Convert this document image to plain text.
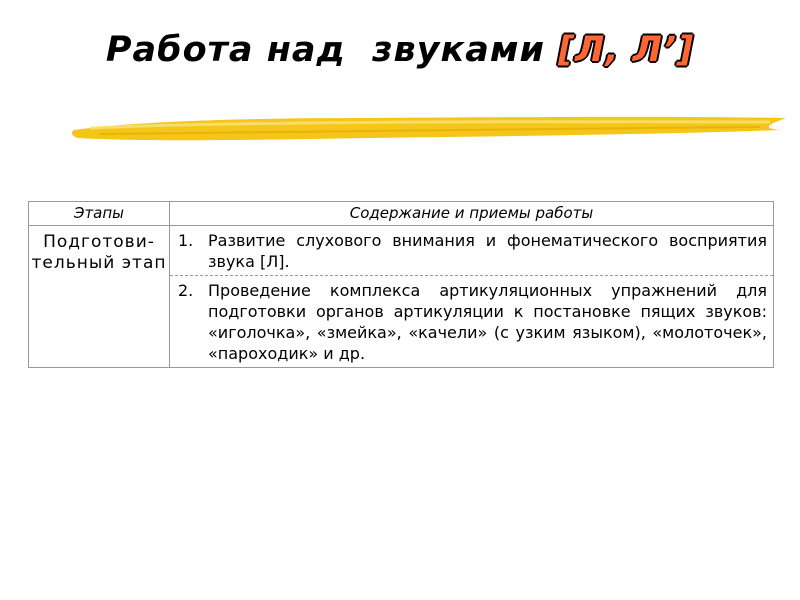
Работа над  звуками [Л, Л’]
Этапы	Содержание и приемы работы
Подготови-тельный этап	1. Развитие слухового внимания и фонематического восприятия звука [Л].
2. Проведение комплекса артикуляционных упражнений для подготовки органов артикуляции к постановке пящих звуков: «иголочка», «змейка», «качели» (с узким языком), «молоточек», «пароходик» и др.
